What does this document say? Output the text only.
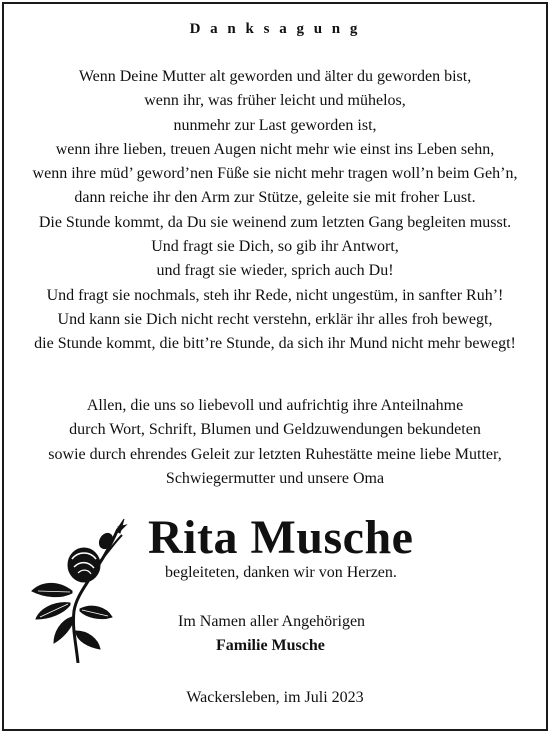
D a n k s a g u n g
Wenn Deine Mutter alt geworden und älter du geworden bist,
wenn ihr, was früher leicht und mühelos,
nunmehr zur Last geworden ist,
wenn ihre lieben, treuen Augen nicht mehr wie einst ins Leben sehn,
wenn ihre müd’ geword’nen Füße sie nicht mehr tragen woll’n beim Geh’n,
dann reiche ihr den Arm zur Stütze, geleite sie mit froher Lust.
Die Stunde kommt, da Du sie weinend zum letzten Gang begleiten musst.
Und fragt sie Dich, so gib ihr Antwort,
und fragt sie wieder, sprich auch Du!
Und fragt sie nochmals, steh ihr Rede, nicht ungestüm, in sanfter Ruh’!
Und kann sie Dich nicht recht verstehn, erklär ihr alles froh bewegt,
die Stunde kommt, die bitt’re Stunde, da sich ihr Mund nicht mehr bewegt!
Allen, die uns so liebevoll und aufrichtig ihre Anteilnahme
durch Wort, Schrift, Blumen und Geldzuwendungen bekundeten
sowie durch ehrendes Geleit zur letzten Ruhestätte meine liebe Mutter,
Schwiegermutter und unsere Oma
Rita Musche
begleiteten, danken wir von Herzen.
Im Namen aller Angehörigen
Familie Musche
Wackersleben, im Juli 2023
